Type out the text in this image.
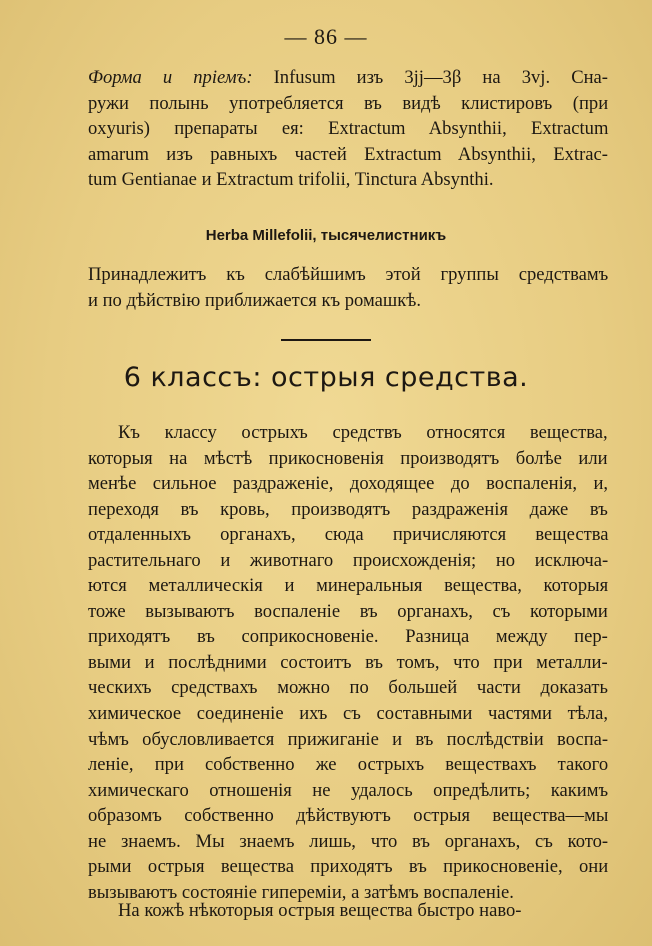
— 86 —
Форма и пріемъ: Infusum изъ 3jj—3β на 3vj. Сна-
ружи полынь употребляется въ видѣ клистировъ (при
oxyuris) препараты ея: Extractum Absynthii, Extractum
amarum изъ равныхъ частей Extractum Absynthii, Extrac-
tum Gentianae и Extractum trifolii, Tinctura Absynthi.
Herba Millefolii, тысячелистникъ
Принадлежитъ къ слабѣйшимъ этой группы средствамъ
и по дѣйствію приближается къ ромашкѣ.
6 классъ: острыя средства.
Къ классу острыхъ средствъ относятся вещества,
которыя на мѣстѣ прикосновенія производятъ болѣе или
менѣе сильное раздраженіе, доходящее до воспаленія, и,
переходя въ кровь, производятъ раздраженія даже въ
отдаленныхъ органахъ, сюда причисляются вещества
растительнаго и животнаго происхожденія; но исключа-
ются металлическія и минеральныя вещества, которыя
тоже вызываютъ воспаленіе въ органахъ, съ которыми
приходятъ въ соприкосновеніе. Разница между пер-
выми и послѣдними состоитъ въ томъ, что при металли-
ческихъ средствахъ можно по большей части доказать
химическое соединеніе ихъ съ составными частями тѣла,
чѣмъ обусловливается прижиганіе и въ послѣдствіи воспа-
леніе, при собственно же острыхъ веществахъ такого
химическаго отношенія не удалось опредѣлить; какимъ
образомъ собственно дѣйствуютъ острыя вещества—мы
не знаемъ. Мы знаемъ лишь, что въ органахъ, съ кото-
рыми острыя вещества приходятъ въ прикосновеніе, они
вызываютъ состояніе гипереміи, а затѣмъ воспаленіе.
На кожѣ нѣкоторыя острыя вещества быстро наво-
